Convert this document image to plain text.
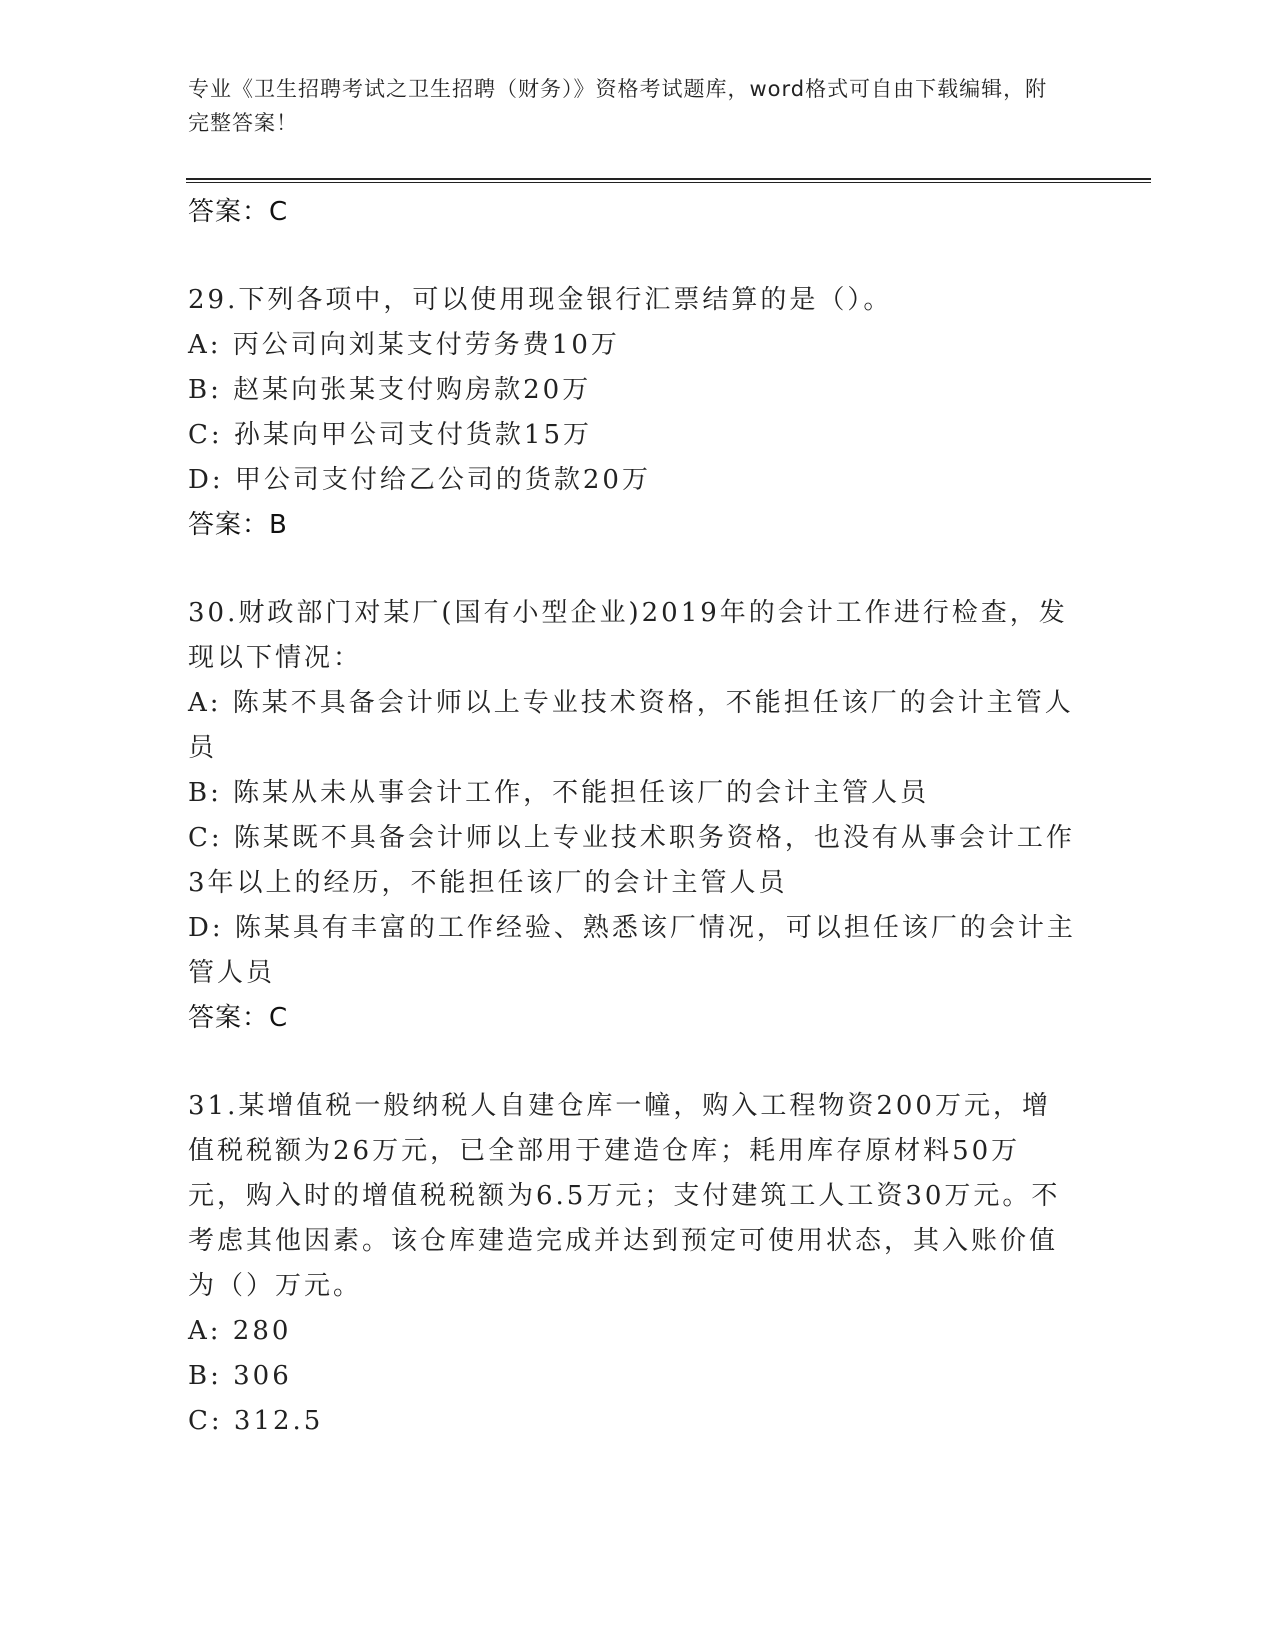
专业《卫生招聘考试之卫生招聘（财务）》资格考试题库，word格式可自由下载编辑，附完整答案！
答案：C
29.下列各项中，可以使用现金银行汇票结算的是（）。
A: 丙公司向刘某支付劳务费10万
B: 赵某向张某支付购房款20万
C: 孙某向甲公司支付货款15万
D: 甲公司支付给乙公司的货款20万
答案：B
30.财政部门对某厂(国有小型企业)2019年的会计工作进行检查，发现以下情况：
A: 陈某不具备会计师以上专业技术资格，不能担任该厂的会计主管人员
B: 陈某从未从事会计工作，不能担任该厂的会计主管人员
C: 陈某既不具备会计师以上专业技术职务资格，也没有从事会计工作3年以上的经历，不能担任该厂的会计主管人员
D: 陈某具有丰富的工作经验、熟悉该厂情况，可以担任该厂的会计主管人员
答案：C
31.某增值税一般纳税人自建仓库一幢，购入工程物资200万元，增值税税额为26万元，已全部用于建造仓库；耗用库存原材料50万元，购入时的增值税税额为6.5万元；支付建筑工人工资30万元。不考虑其他因素。该仓库建造完成并达到预定可使用状态，其入账价值为（）万元。
A: 280
B: 306
C: 312.5
